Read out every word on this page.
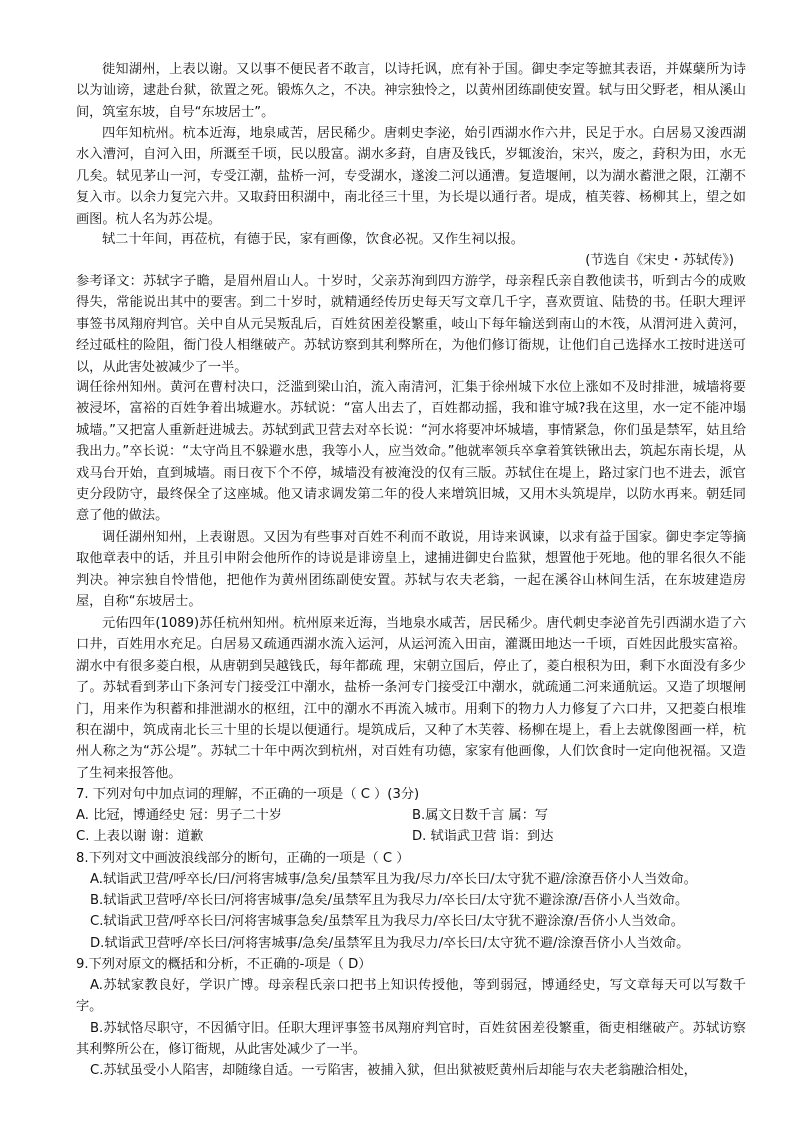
徙知湖州，上表以谢。又以事不便民者不敢言，以诗托讽，庶有补于国。御史李定等摭其表语，并媒蘖所为诗以为讪谤，逮赴台狱，欲置之死。锻炼久之，不决。神宗独怜之，以黄州团练副使安置。轼与田父野老，相从溪山间，筑室东坡，自号“东坡居士”。

四年知杭州。杭本近海，地泉咸苦，居民稀少。唐刺史李泌，始引西湖水作六井，民足于水。白居易又浚西湖水入漕河，自河入田，所溉至千顷，民以殷富。湖水多葑，自唐及钱氏，岁辄浚治，宋兴，废之，葑积为田，水无几矣。轼见茅山一河，专受江潮，盐桥一河，专受湖水，遂浚二河以通漕。复造堰闸，以为湖水蓄泄之限，江潮不复入市。以余力复完六井。又取葑田积湖中，南北径三十里，为长堤以通行者。堤成，植芙蓉、杨柳其上，望之如画图。杭人名为苏公堤。

轼二十年间，再莅杭，有德于民，家有画像，饮食必祝。又作生祠以报。

(节选自《宋史・苏轼传》)

参考译文：苏轼字子瞻，是眉州眉山人。十岁时，父亲苏洵到四方游学，母亲程氏亲自教他读书，听到古今的成败得失，常能说出其中的要害。到二十岁时，就精通经传历史每天写文章几千字，喜欢贾谊、陆贽的书。任职大理评事签书凤翔府判官。关中自从元吴叛乱后，百姓贫困差役繁重，岐山下每年输送到南山的木筏，从渭河进入黄河，经过砥柱的险阻，衙门役人相继破产。苏轼访察到其利弊所在，为他们修订衙规，让他们自己选择水工按时进送可以，从此害处被减少了一半。

调任徐州知州。黄河在曹村决口，泛滥到梁山泊，流入南清河，汇集于徐州城下水位上涨如不及时排泄，城墙将要被浸坏，富裕的百姓争着出城避水。苏轼说：“富人出去了，百姓都动摇，我和谁守城?我在这里，水一定不能冲塌城墙。”又把富人重新赶进城去。苏轼到武卫营去对卒长说：“河水将要冲坏城墙，事情紧急，你们虽是禁军，姑且给我出力。”卒长说：“太守尚且不躲避水患，我等小人，应当效命。”他就率领兵卒拿着箕铁锹出去，筑起东南长堤，从戏马台开始，直到城墙。雨日夜下个不停，城墙没有被淹没的仅有三版。苏轼住在堤上，路过家门也不进去，派官吏分段防守，最终保全了这座城。他又请求调发第二年的役人来增筑旧城，又用木头筑堤岸，以防水再来。朝廷同意了他的做法。

调任湖州知州，上表谢恩。又因为有些事对百姓不利而不敢说，用诗来讽谏，以求有益于国家。御史李定等摘取他章表中的话，并且引申附会他所作的诗说是诽谤皇上，逮捕进御史台监狱，想置他于死地。他的罪名很久不能判决。神宗独自怜惜他，把他作为黄州团练副使安置。苏轼与农夫老翁，一起在溪谷山林间生活，在东坡建造房屋，自称“东坡居士。

元佑四年(1089)苏任杭州知州。杭州原来近海，当地泉水咸苦，居民稀少。唐代刺史李泌首先引西湖水造了六口井，百姓用水充足。白居易又疏通西湖水流入运河，从运河流入田亩，灌溉田地达一千顷，百姓因此殷实富裕。湖水中有很多菱白根，从唐朝到吴越钱氏，每年都疏 理，宋朝立国后，停止了，菱白根积为田，剩下水面没有多少了。苏轼看到茅山下条河专门接受江中潮水，盐桥一条河专门接受江中潮水，就疏通二河来通航运。又造了坝堰闸门，用来作为积蓄和排泄湖水的枢纽，江中的潮水不再流入城市。用剩下的物力人力修复了六口井，又把菱白根堆积在湖中，筑成南北长三十里的长堤以便通行。堤筑成后，又种了木芙蓉、杨柳在堤上，看上去就像图画一样，杭州人称之为“苏公堤”。苏轼二十年中两次到杭州，对百姓有功德，家家有他画像，人们饮食时一定向他祝福。又造了生祠来报答他。

7. 下列对句中加点词的理解，不正确的一项是（ C ）(3分)
A. 比冠，博通经史 冠：男子二十岁	B.属文日数千言 属：写
C. 上表以谢 谢：道歉	D. 轼诣武卫营 诣：到达
8.下列对文中画波浪线部分的断句，正确的一项是（ C ）
A.轼诣武卫营/呼卒长/曰/河将害城事/急矣/虽禁军且为我/尽力/卒长曰/太守犹不避/涂潦吾侪小人当效命。
B.轼诣武卫营呼/卒长曰/河将害城事/急矣/虽禁军且为我尽力/卒长曰/太守犹不避涂潦/吾侪小人当效命。
C.轼诣武卫营/呼卒长曰/河将害城事急矣/虽禁军且为我尽力/卒长曰/太守犹不避涂潦/吾侪小人当效命。
D.轼诣武卫营呼/卒长曰/河将害城事/急矣/虽禁军且为我尽力/卒长曰/太守犹不避/涂潦吾侪小人当效命。
9.下列对原文的概括和分析，不正确的-项是（ D）

A.苏轼家教良好，学识广博。母亲程氏亲口把书上知识传授他，等到弱冠，博通经史，写文章每天可以写数千字。

B.苏轼恪尽职守，不因循守旧。任职大理评事签书凤翔府判官时，百姓贫困差役繁重，衙吏相继破产。苏轼访察其利弊所公在，修订衙规，从此害处减少了一半。

C.苏轼虽受小人陷害，却随缘自适。一亏陷害，被捕入狱，但出狱被贬黄州后却能与农夫老翁融洽相处，
